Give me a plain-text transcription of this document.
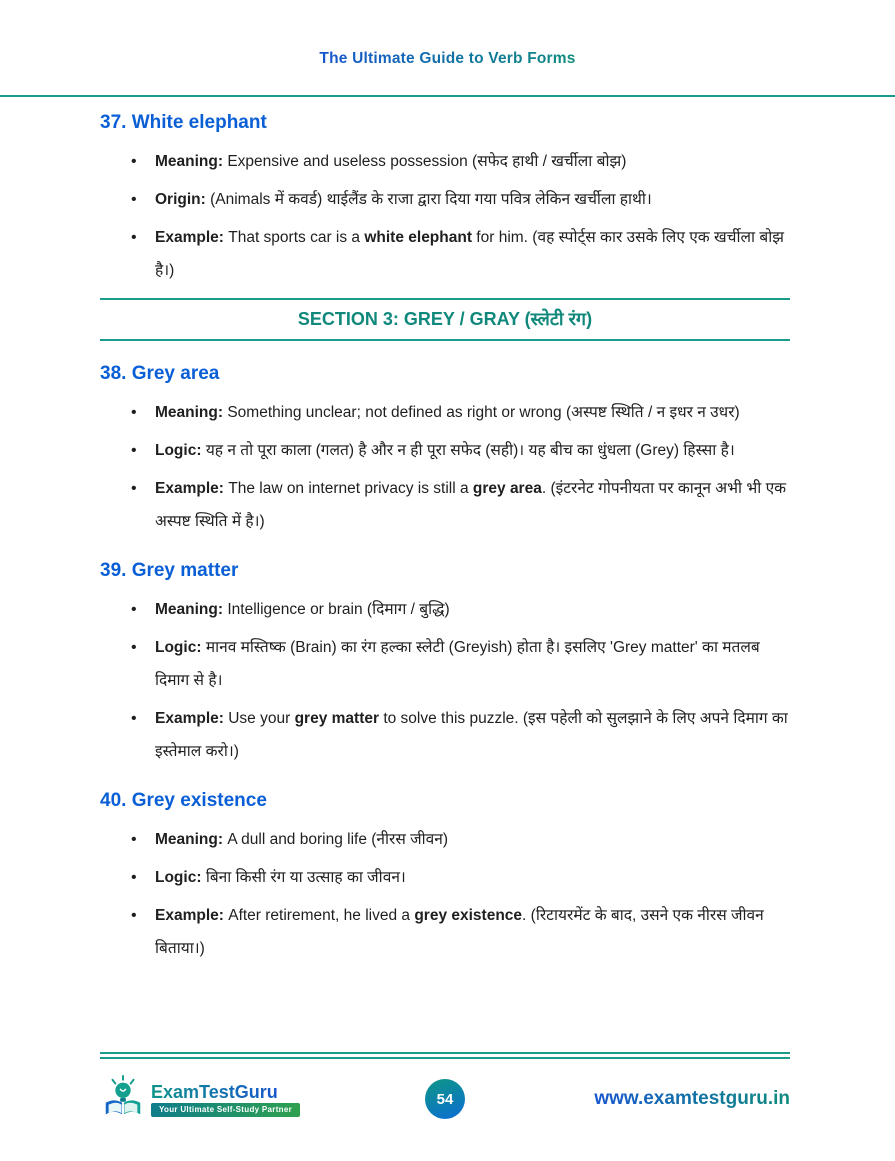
The Ultimate Guide to Verb Forms
37. White elephant
• Meaning: Expensive and useless possession (सफेद हाथी / खर्चीला बोझ)
• Origin: (Animals में कवर्ड) थाईलैंड के राजा द्वारा दिया गया पवित्र लेकिन खर्चीला हाथी।
• Example: That sports car is a white elephant for him. (वह स्पोर्ट्स कार उसके लिए एक खर्चीला बोझ है।)
SECTION 3: GREY / GRAY (स्लेटी रंग)
38. Grey area
• Meaning: Something unclear; not defined as right or wrong (अस्पष्ट स्थिति / न इधर न उधर)
• Logic: यह न तो पूरा काला (गलत) है और न ही पूरा सफेद (सही)। यह बीच का धुंधला (Grey) हिस्सा है।
• Example: The law on internet privacy is still a grey area. (इंटरनेट गोपनीयता पर कानून अभी भी एक अस्पष्ट स्थिति में है।)
39. Grey matter
• Meaning: Intelligence or brain (दिमाग / बुद्धि)
• Logic: मानव मस्तिष्क (Brain) का रंग हल्का स्लेटी (Greyish) होता है। इसलिए 'Grey matter' का मतलब दिमाग से है।
• Example: Use your grey matter to solve this puzzle. (इस पहेली को सुलझाने के लिए अपने दिमाग का इस्तेमाल करो।)
40. Grey existence
• Meaning: A dull and boring life (नीरस जीवन)
• Logic: बिना किसी रंग या उत्साह का जीवन।
• Example: After retirement, he lived a grey existence. (रिटायरमेंट के बाद, उसने एक नीरस जीवन बिताया।)
ExamTestGuru
Your Ultimate Self-Study Partner
54	www.examtestguru.in
